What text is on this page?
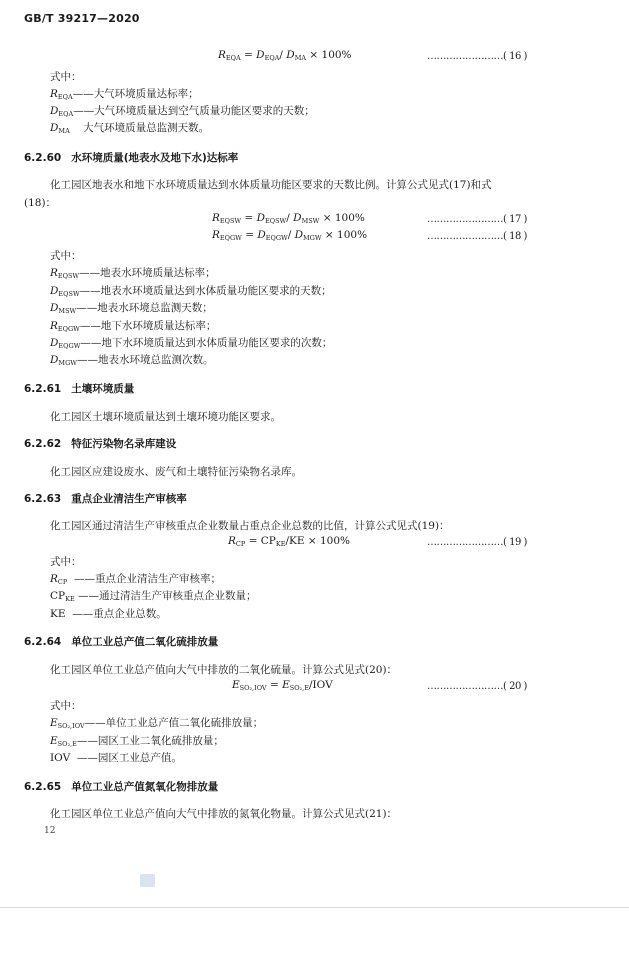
GB/T 39217—2020
$R_{EQA} = D_{EQA}/$ $D_{MA} \times 100\%$	……………………( 16 )
式中：
$R_{EQA}——$大气环境质量达标率；
$D_{EQA}——$大气环境质量达到空气质量功能区要求的天数；
$D_{MA}$    大气环境质量总监测天数。
6.2.60 水环境质量(地表水及地下水)达标率
化工园区地表水和地下水环境质量达到水体质量功能区要求的天数比例。计算公式见式(17)和式
(18)：
$R_{EQSW} = D_{EQSW}/$ $D_{MSW} \times 100\%$	……………………( 17 )
$R_{EQGW} = D_{EQGW}/$ $D_{MGW} \times 100\%$	……………………( 18 )
式中：
$R_{EQSW}——$地表水环境质量达标率；
$D_{EQSW}——$地表水环境质量达到水体质量功能区要求的天数；
$D_{MSW}——$地表水环境总监测天数；
$R_{EQGW}——$地下水环境质量达标率；
$D_{EQGW}——$地下水环境质量达到水体质量功能区要求的次数；
$D_{MGW}——$地表水环境总监测次数。
6.2.61 土壤环境质量
化工园区土壤环境质量达到土壤环境功能区要求。
6.2.62 特征污染物名录库建设
化工园区应建设废水、废气和土壤特征污染物名录库。
6.2.63 重点企业清洁生产审核率
化工园区通过清洁生产审核重点企业数量占重点企业总数的比值，计算公式见式(19)：
$R_{CP} = CP_{KE}/KE \times 100\%$	……………………( 19 )
式中：
$R_{CP}$  ——重点企业清洁生产审核率；
$CP_{KE}$ ——通过清洁生产审核重点企业数量；
KE  ——重点企业总数。
6.2.64 单位工业总产值二氧化硫排放量
化工园区单位工业总产值向大气中排放的二氧化硫量。计算公式见式(20)：
$E_{SO_2,IOV} = E_{SO_2,E}/IOV$	……………………( 20 )
式中：
$E_{SO_2,IOV}——$单位工业总产值二氧化硫排放量；
$E_{SO_2,E}——$园区工业二氧化硫排放量；
IOV  ——园区工业总产值。
6.2.65 单位工业总产值氮氧化物排放量
化工园区单位工业总产值向大气中排放的氮氧化物量。计算公式见式(21)：
12
